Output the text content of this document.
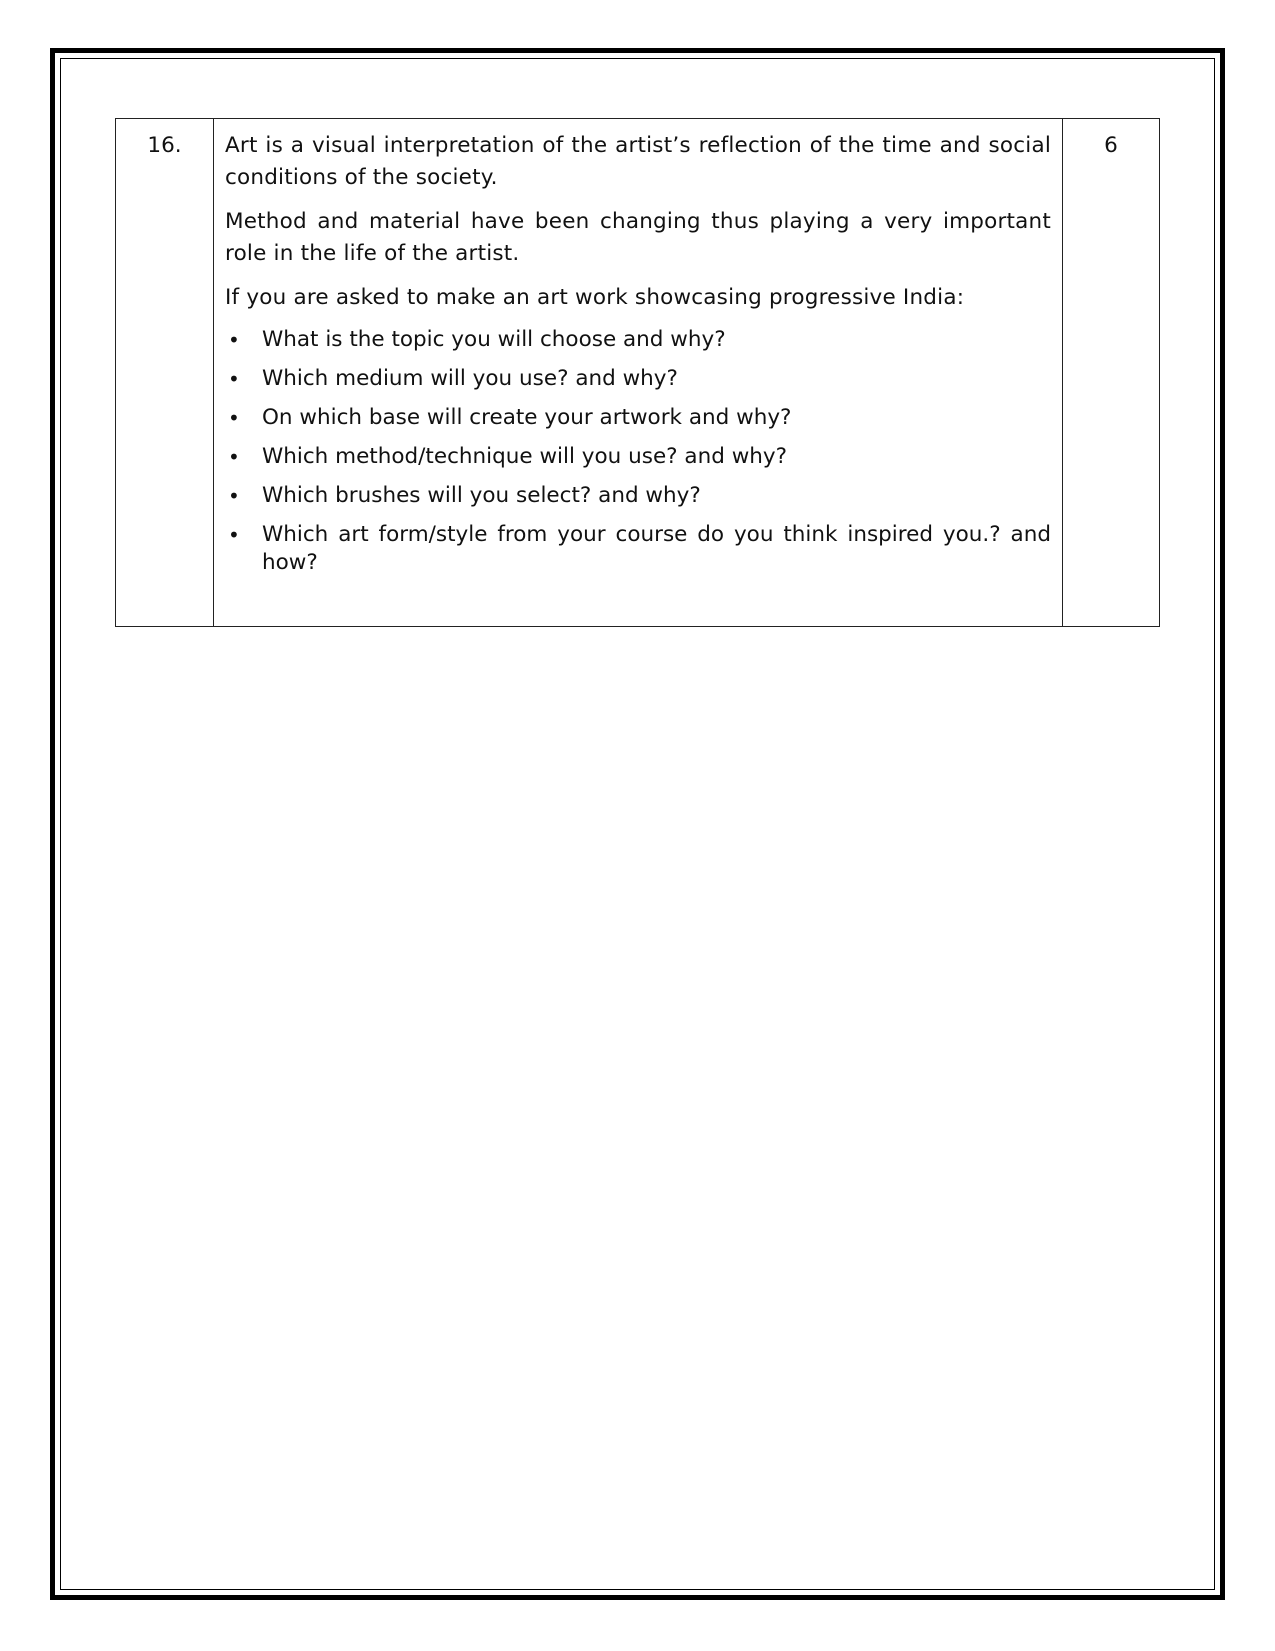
16.	Art is a visual interpretation of the artist’s reflection of the time and social conditions of the society.

Method and material have been changing thus playing a very important role in the life of the artist.

If you are asked to make an art work showcasing progressive India:

• What is the topic you will choose and why?
• Which medium will you use? and why?
• On which base will create your artwork and why?
• Which method/technique will you use? and why?
• Which brushes will you select? and why?
• Which art form/style from your course do you think inspired you.? and how?
	6
